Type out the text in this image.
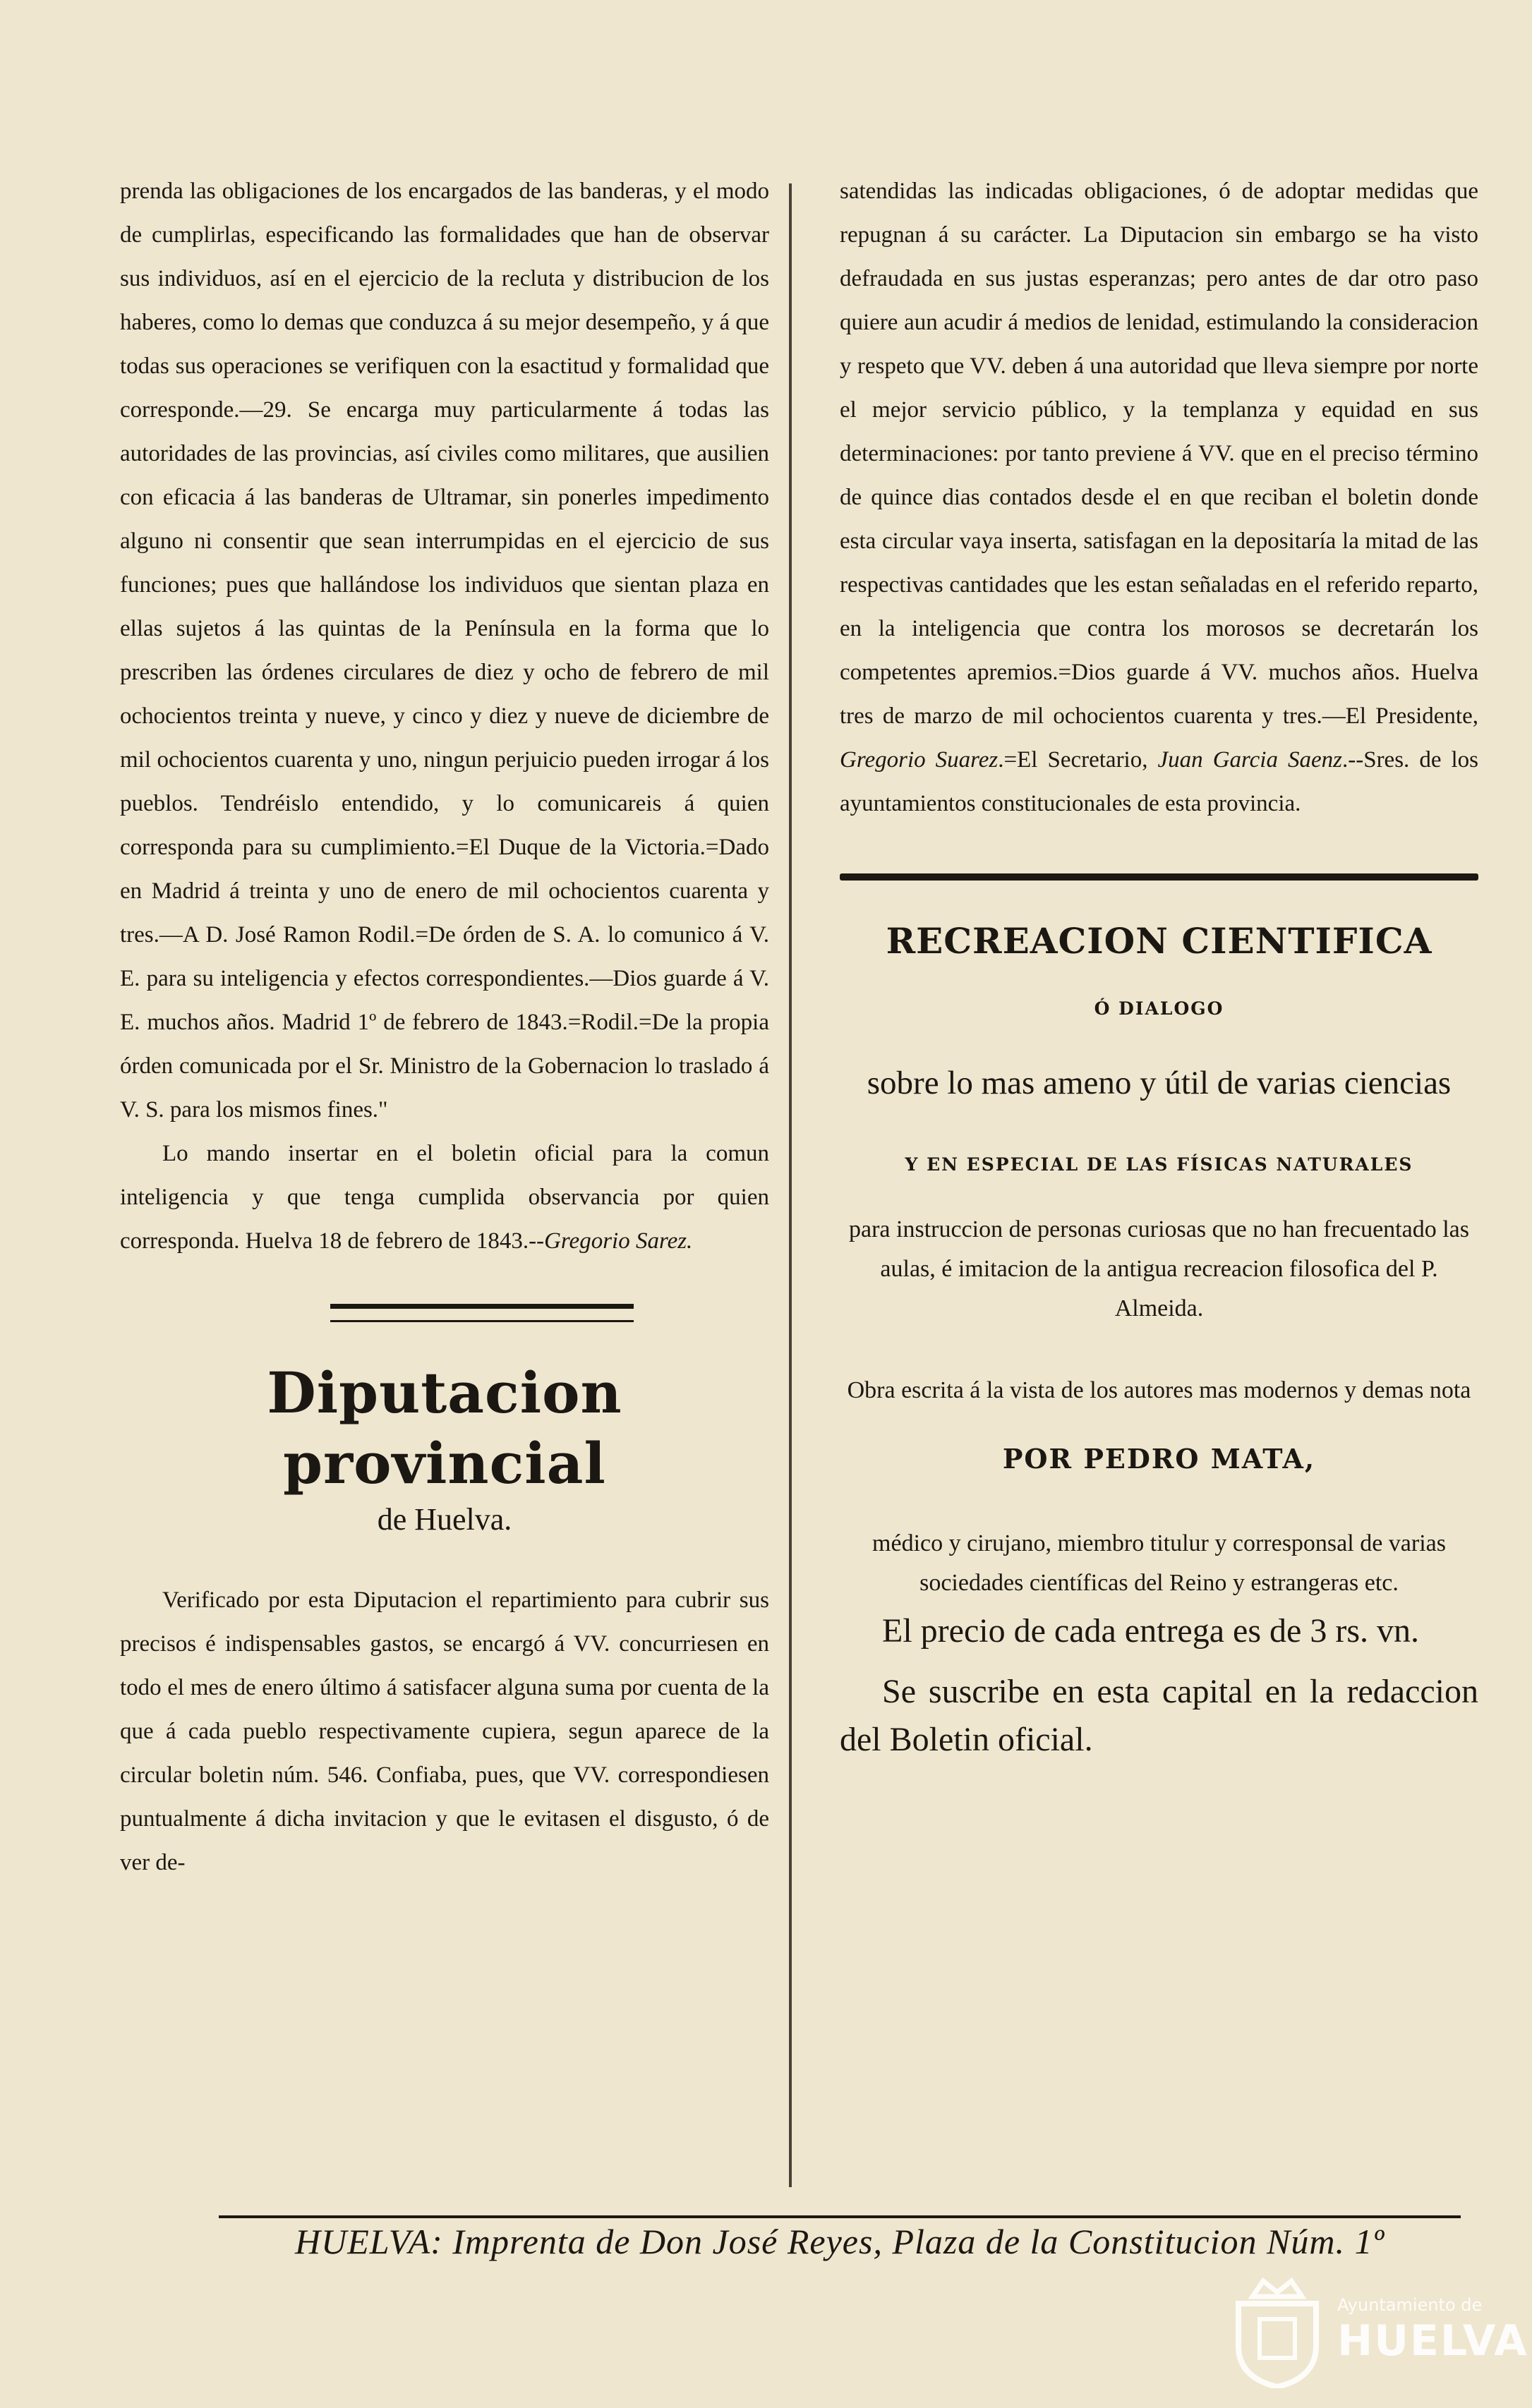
prenda las obligaciones de los encargados de las banderas, y el modo de cumplirlas, especificando las formalidades que han de observar sus individuos, así en el ejercicio de la recluta y distribucion de los haberes, como lo demas que conduzca á su mejor desempeño, y á que todas sus operaciones se verifiquen con la esactitud y formalidad que corresponde.—29. Se encarga muy particularmente á todas las autoridades de las provincias, así civiles como militares, que ausilien con eficacia á las banderas de Ultramar, sin ponerles impedimento alguno ni consentir que sean interrumpidas en el ejercicio de sus funciones; pues que hallándose los individuos que sientan plaza en ellas sujetos á las quintas de la Península en la forma que lo prescriben las órdenes circulares de diez y ocho de febrero de mil ochocientos treinta y nueve, y cinco y diez y nueve de diciembre de mil ochocientos cuarenta y uno, ningun perjuicio pueden irrogar á los pueblos. Tendréislo entendido, y lo comunicareis á quien corresponda para su cumplimiento.=El Duque de la Victoria.=Dado en Madrid á treinta y uno de enero de mil ochocientos cuarenta y tres.—A D. José Ramon Rodil.=De órden de S. A. lo comunico á V. E. para su inteligencia y efectos correspondientes.—Dios guarde á V. E. muchos años. Madrid 1º de febrero de 1843.=Rodil.=De la propia órden comunicada por el Sr. Ministro de la Gobernacion lo traslado á V. S. para los mismos fines."

Lo mando insertar en el boletin oficial para la comun inteligencia y que tenga cumplida observancia por quien corresponda. Huelva 18 de febrero de 1843.--Gregorio Sarez.

Diputacion provincial
de Huelva.

Verificado por esta Diputacion el repartimiento para cubrir sus precisos é indispensables gastos, se encargó á VV. concurriesen en todo el mes de enero último á satisfacer alguna suma por cuenta de la que á cada pueblo respectivamente cupiera, segun aparece de la circular boletin núm. 546. Confiaba, pues, que VV. correspondiesen puntualmente á dicha invitacion y que le evitasen el disgusto, ó de ver de-

satendidas las indicadas obligaciones, ó de adoptar medidas que repugnan á su carácter. La Diputacion sin embargo se ha visto defraudada en sus justas esperanzas; pero antes de dar otro paso quiere aun acudir á medios de lenidad, estimulando la consideracion y respeto que VV. deben á una autoridad que lleva siempre por norte el mejor servicio público, y la templanza y equidad en sus determinaciones: por tanto previene á VV. que en el preciso término de quince dias contados desde el en que reciban el boletin donde esta circular vaya inserta, satisfagan en la depositaría la mitad de las respectivas cantidades que les estan señaladas en el referido reparto, en la inteligencia que contra los morosos se decretarán los competentes apremios.=Dios guarde á VV. muchos años. Huelva tres de marzo de mil ochocientos cuarenta y tres.—El Presidente, Gregorio Suarez.=El Secretario, Juan Garcia Saenz.--Sres. de los ayuntamientos constitucionales de esta provincia.

RECREACION CIENTIFICA
Ó DIALOGO
sobre lo mas ameno y útil de varias ciencias
Y EN ESPECIAL DE LAS FÍSICAS NATURALES
para instruccion de personas curiosas que no han frecuentado las aulas, é imitacion de la antigua recreacion filosofica del P. Almeida.
Obra escrita á la vista de los autores mas modernos y demas nota
POR PEDRO MATA,
médico y cirujano, miembro titulur y corresponsal de varias sociedades científicas del Reino y estrangeras etc.

El precio de cada entrega es de 3 rs. vn.

Se suscribe en esta capital en la redaccion del Boletin oficial.

HUELVA: Imprenta de Don José Reyes, Plaza de la Constitucion Núm. 1º
Ayuntamiento de
HUELVA
